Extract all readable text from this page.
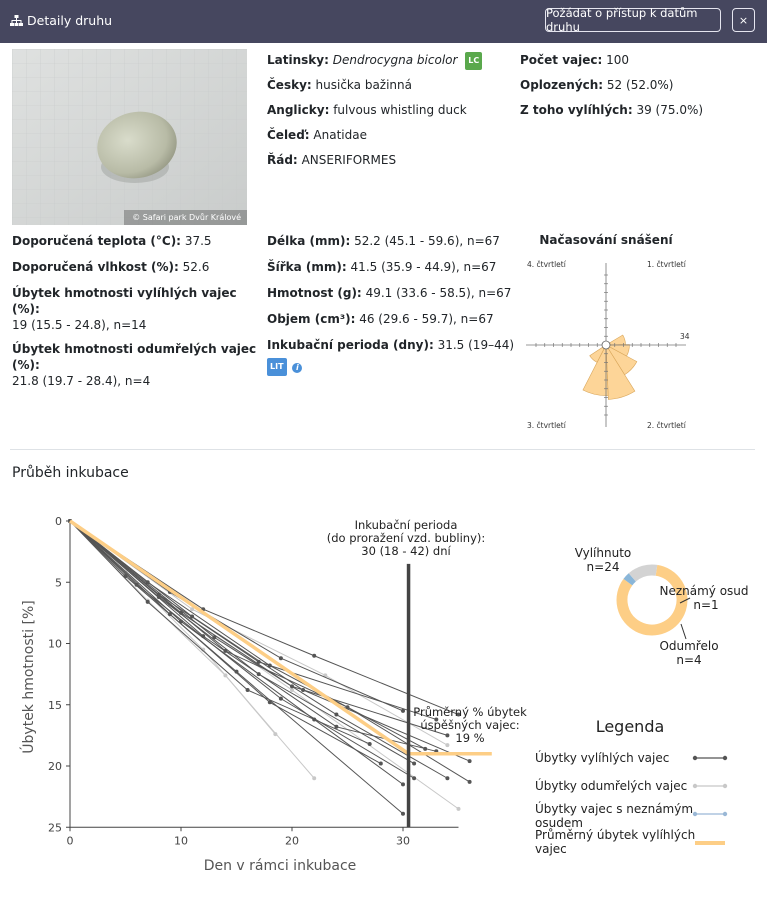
Detaily druhu	Požádat o přístup k datům druhu	×
© Safari park Dvůr Králové
Latinsky: Dendrocygna bicolor LC
Česky: husička bažinná
Anglicky: fulvous whistling duck
Čeleď: Anatidae
Řád: ANSERIFORMES
Počet vajec: 100
Oplozených: 52 (52.0%)
Z toho vylíhlých: 39 (75.0%)
Doporučená teplota (°C): 37.5
Doporučená vlhkost (%): 52.6
Úbytek hmotnosti vylíhlých vajec (%):
19 (15.5 - 24.8), n=14
Úbytek hmotnosti odumřelých vajec (%):
21.8 (19.7 - 28.4), n=4
Délka (mm): 52.2 (45.1 - 59.6), n=67
Šířka (mm): 41.5 (35.9 - 44.9), n=67
Hmotnost (g): 49.1 (33.6 - 58.5), n=67
Objem (cm³): 46 (29.6 - 59.7), n=67
Inkubační perioda (dny): 31.5 (19–44)
LIT i
Načasování snášení
4. čtvrtletí	1. čtvrtletí
3. čtvrtletí	2. čtvrtletí
34
Průběh inkubace
0
5
10
15
20
25
0	10	20	30
Den v rámci inkubace
Úbytek hmotnosti [%]
Inkubační perioda
(do proražení vzd. bubliny):
30 (18 - 42) dní
Průměrný % úbytek
úspěšných vajec:
19 %
Vylíhnuto
n=24
Neznámý osud
n=1
Odumřelo
n=4
Legenda
Úbytky vylíhlých vajec
Úbytky odumřelých vajec
Úbytky vajec s neznámým osudem
Průměrný úbytek vylíhlých vajec
